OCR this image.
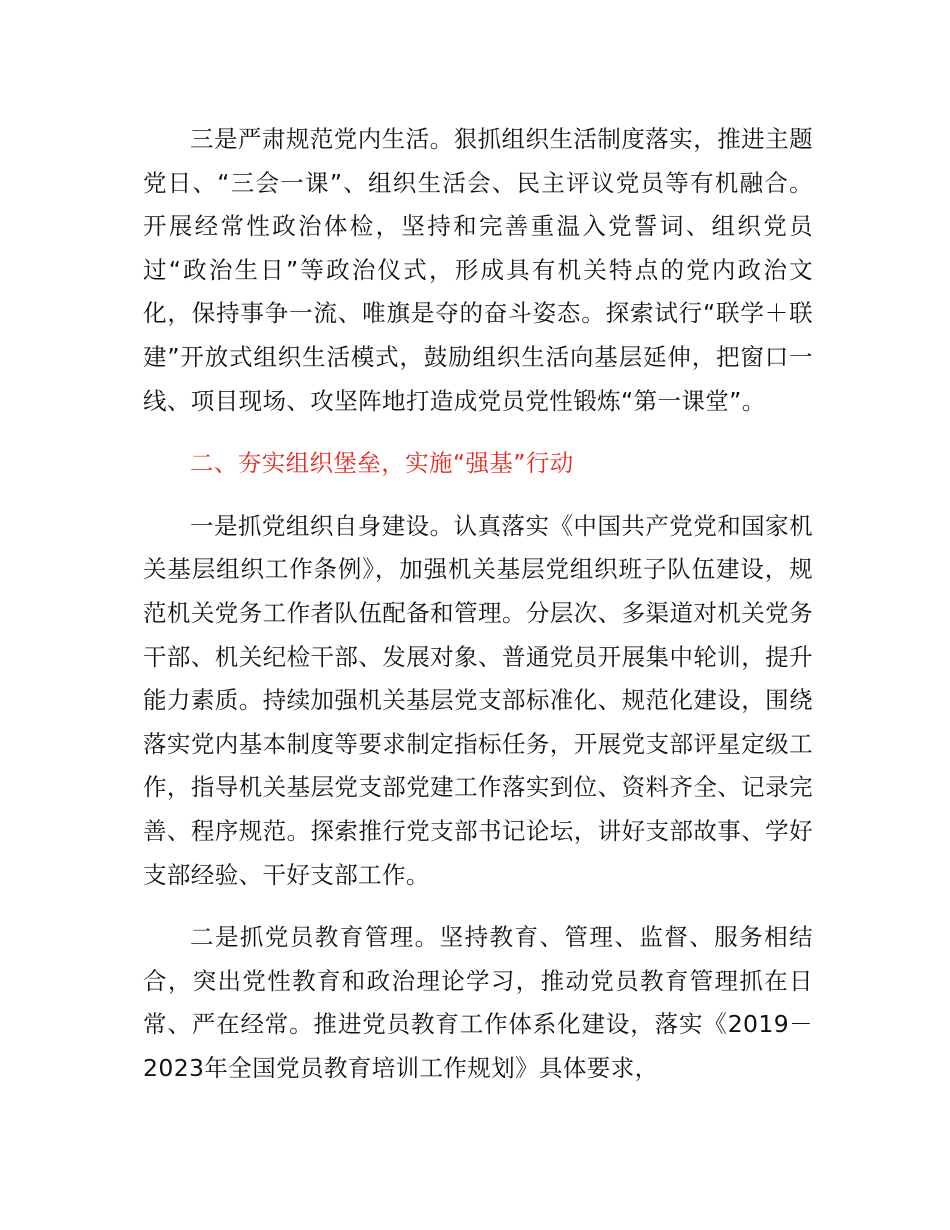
三是严肃规范党内生活。狠抓组织生活制度落实，推进主题党日、“三会一课”、组织生活会、民主评议党员等有机融合。开展经常性政治体检，坚持和完善重温入党誓词、组织党员过“政治生日”等政治仪式，形成具有机关特点的党内政治文化，保持事争一流、唯旗是夺的奋斗姿态。探索试行“联学＋联建”开放式组织生活模式，鼓励组织生活向基层延伸，把窗口一线、项目现场、攻坚阵地打造成党员党性锻炼“第一课堂”。

二、夯实组织堡垒，实施“强基”行动

一是抓党组织自身建设。认真落实《中国共产党党和国家机关基层组织工作条例》，加强机关基层党组织班子队伍建设，规范机关党务工作者队伍配备和管理。分层次、多渠道对机关党务干部、机关纪检干部、发展对象、普通党员开展集中轮训，提升能力素质。持续加强机关基层党支部标准化、规范化建设，围绕落实党内基本制度等要求制定指标任务，开展党支部评星定级工作，指导机关基层党支部党建工作落实到位、资料齐全、记录完善、程序规范。探索推行党支部书记论坛，讲好支部故事、学好支部经验、干好支部工作。

二是抓党员教育管理。坚持教育、管理、监督、服务相结合，突出党性教育和政治理论学习，推动党员教育管理抓在日常、严在经常。推进党员教育工作体系化建设，落实《2019－2023年全国党员教育培训工作规划》具体要求，
